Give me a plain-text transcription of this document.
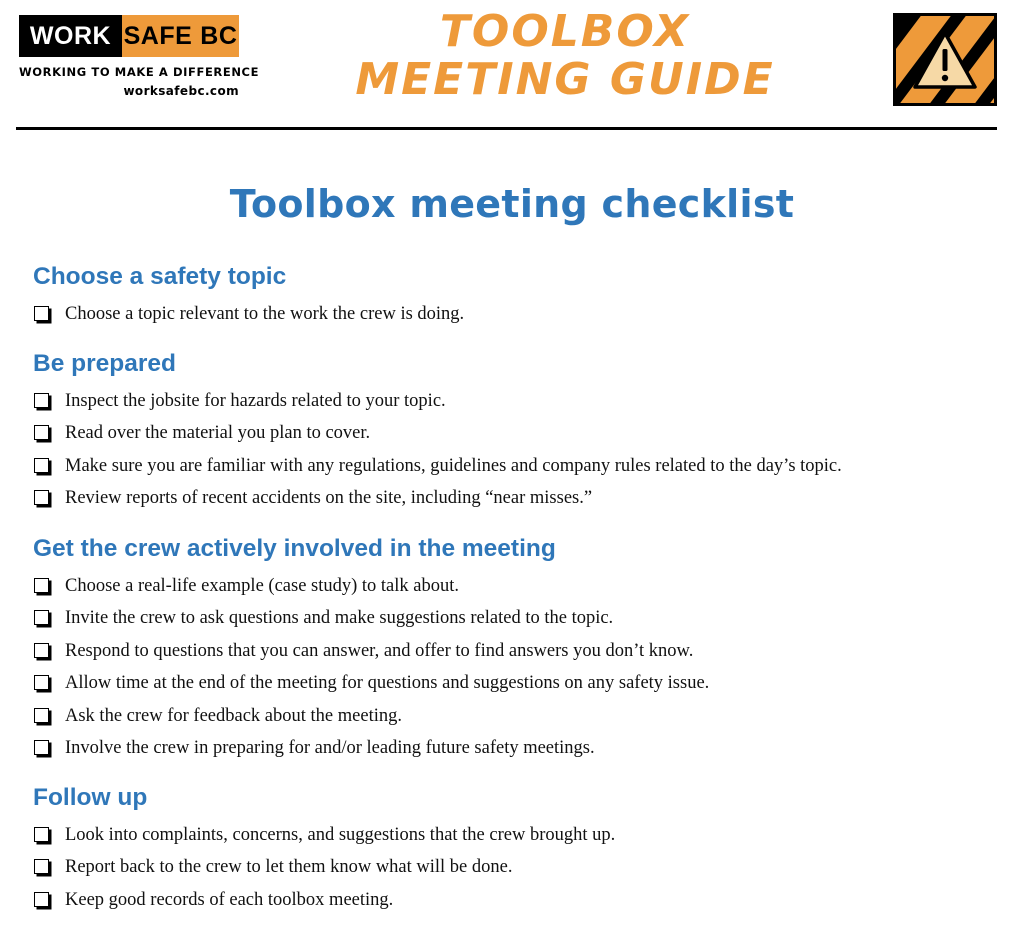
WORK SAFE BC
WORKING TO MAKE A DIFFERENCE
worksafebc.com
TOOLBOX
MEETING GUIDE
Toolbox meeting checklist
Choose a safety topic
Choose a topic relevant to the work the crew is doing.
Be prepared
Inspect the jobsite for hazards related to your topic.
Read over the material you plan to cover.
Make sure you are familiar with any regulations, guidelines and company rules related to the day’s topic.
Review reports of recent accidents on the site, including “near misses.”
Get the crew actively involved in the meeting
Choose a real-life example (case study) to talk about.
Invite the crew to ask questions and make suggestions related to the topic.
Respond to questions that you can answer, and offer to find answers you don’t know.
Allow time at the end of the meeting for questions and suggestions on any safety issue.
Ask the crew for feedback about the meeting.
Involve the crew in preparing for and/or leading future safety meetings.
Follow up
Look into complaints, concerns, and suggestions that the crew brought up.
Report back to the crew to let them know what will be done.
Keep good records of each toolbox meeting.
